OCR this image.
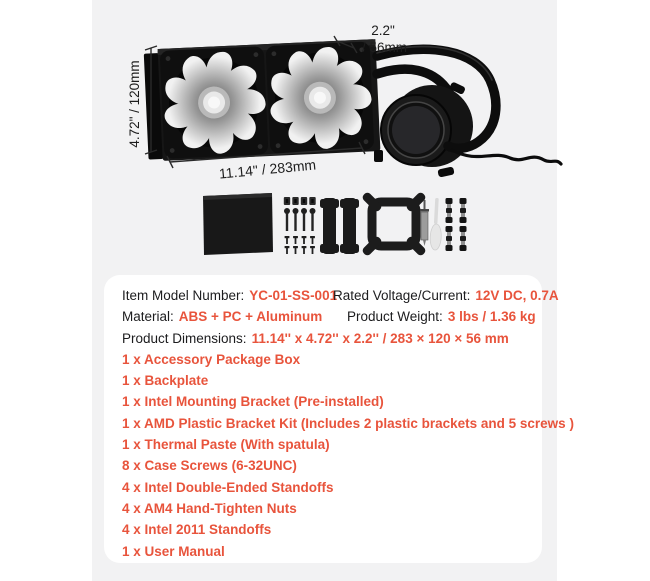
4.72" / 120mm
11.14" / 283mm
2.2"
/ 56mm
Item Model Number: YC-01-SS-001
Rated Voltage/Current: 12V DC, 0.7A
Material: ABS + PC + Aluminum	Product Weight: 3 lbs / 1.36 kg
Product Dimensions: 11.14'' x 4.72'' x 2.2'' / 283 × 120 × 56 mm
1 x Accessory Package Box
1 x Backplate
1 x Intel Mounting Bracket (Pre-installed)
1 x AMD Plastic Bracket Kit (Includes 2 plastic brackets and 5 screws )
1 x Thermal Paste (With spatula)
8 x Case Screws (6-32UNC)
4 x Intel Double-Ended Standoffs
4 x AM4 Hand-Tighten Nuts
4 x Intel 2011 Standoffs
1 x User Manual
